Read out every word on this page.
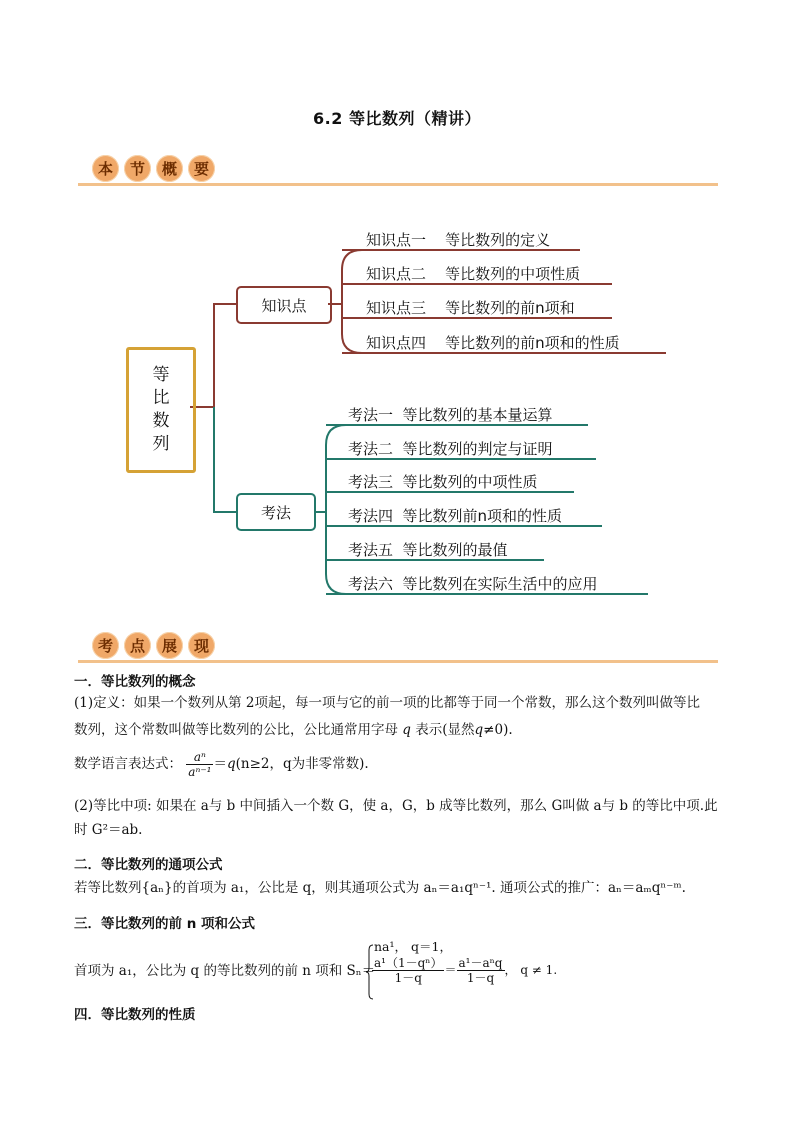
6.2 等比数列（精讲）
本	节	概	要
等
比
数
列
知识点
考法
知识点一    等比数列的定义
知识点二    等比数列的中项性质
知识点三    等比数列的前n项和
知识点四    等比数列的前n项和的性质
考法一  等比数列的基本量运算
考法二  等比数列的判定与证明
考法三  等比数列的中项性质
考法四  等比数列前n项和的性质
考法五  等比数列的最值
考法六  等比数列在实际生活中的应用
考	点	展	现
一．等比数列的概念
(1)定义：如果一个数列从第 2项起，每一项与它的前一项的比都等于同一个常数，那么这个数列叫做等比
数列，这个常数叫做等比数列的公比，公比通常用字母 q 表示(显然q≠0).
数学语言表达式： $\frac{\text{aⁿ}}{\text{aⁿ⁻¹}} =q(n\ge 2$，q为非零常数).
(2)等比中项: 如果在 a与 b 中间插入一个数 G，使 a，G，b 成等比数列，那么 G叫做 a与 b 的等比中项.此
时 G²＝ab.
二．等比数列的通项公式
若等比数列{aₙ}的首项为 a₁，公比是 q，则其通项公式为 aₙ＝a₁qⁿ⁻¹. 通项公式的推广：aₙ＝aₘqⁿ⁻ᵐ.
三．等比数列的前 n 项和公式
首项为 a₁，公比为 q 的等比数列的前 n 项和 Sₙ＝
na¹， q＝1，
$\frac{\text{a¹（1－qⁿ）}}{1-q} = \frac{\text{a¹－aⁿq}}{1-q}$ ， q ≠ 1.
四．等比数列的性质
